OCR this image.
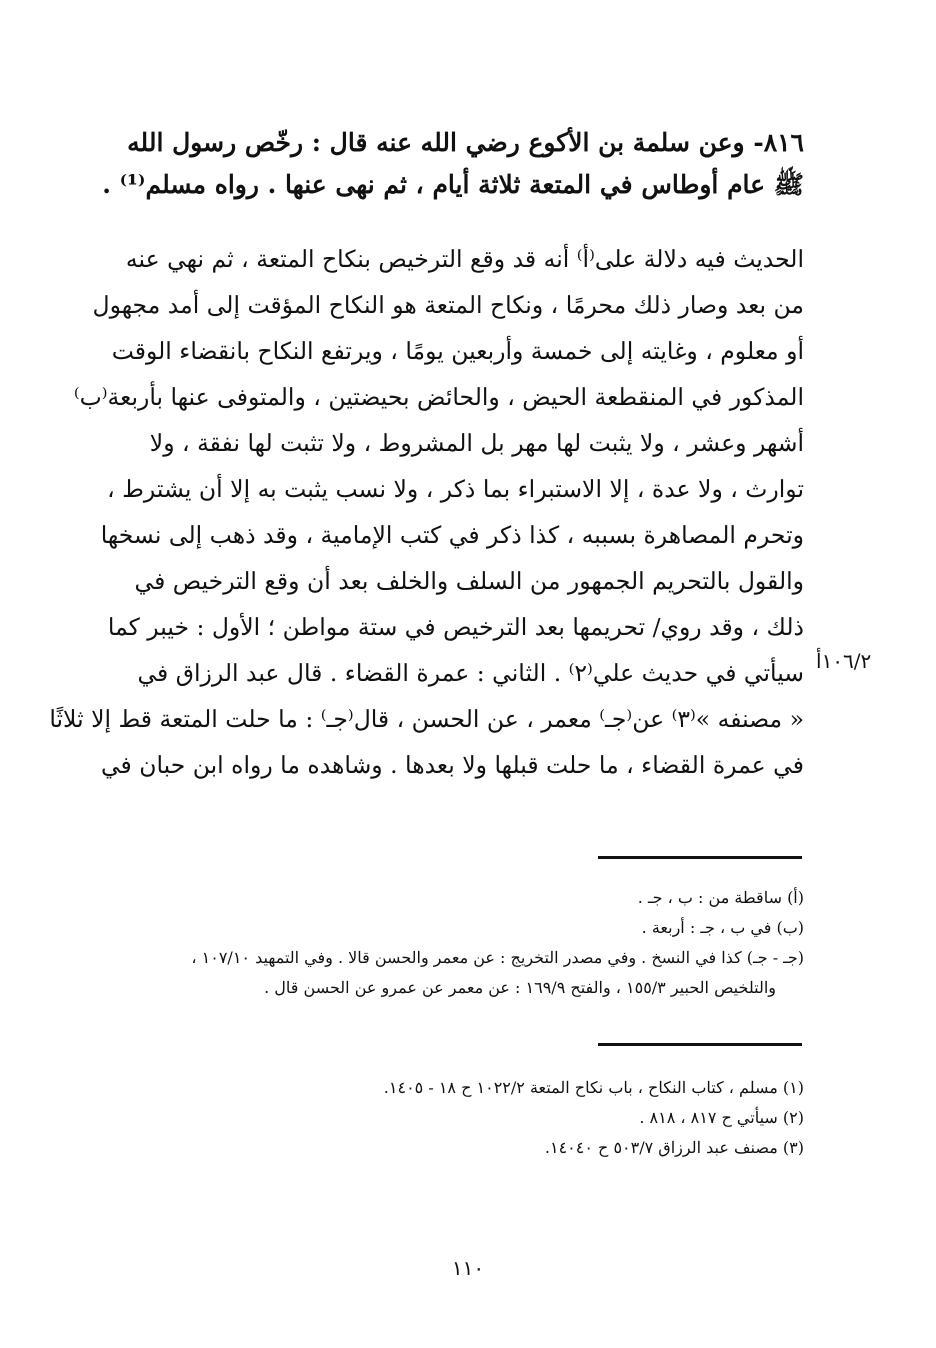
٨١٦- وعن سلمة بن الأكوع رضي الله عنه قال : رخّص رسول الله
ﷺ عام أوطاس في المتعة ثلاثة أيام ، ثم نهى عنها . رواه مسلم⁽¹⁾ .
الحديث فيه دلالة على⁽أ⁾ أنه قد وقع الترخيص بنكاح المتعة ، ثم نهي عنه
من بعد وصار ذلك محرمًا ، ونكاح المتعة هو النكاح المؤقت إلى أمد مجهول
أو معلوم ، وغايته إلى خمسة وأربعين يومًا ، ويرتفع النكاح بانقضاء الوقت
المذكور في المنقطعة الحيض ، والحائض بحيضتين ، والمتوفى عنها بأربعة⁽ب⁾
أشهر وعشر ، ولا يثبت لها مهر بل المشروط ، ولا تثبت لها نفقة ، ولا
توارث ، ولا عدة ، إلا الاستبراء بما ذكر ، ولا نسب يثبت به إلا أن يشترط ،
وتحرم المصاهرة بسببه ، كذا ذكر في كتب الإمامية ، وقد ذهب إلى نسخها
والقول بالتحريم الجمهور من السلف والخلف بعد أن وقع الترخيص في
ذلك ، وقد روي/ تحريمها بعد الترخيص في ستة مواطن ؛ الأول : خيبر كما
سيأتي في حديث علي⁽٢⁾ . الثاني : عمرة القضاء . قال عبد الرزاق في
« مصنفه »⁽٣⁾ عن⁽جـ⁾ معمر ، عن الحسن ، قال⁽جـ⁾ : ما حلت المتعة قط إلا ثلاثًا
في عمرة القضاء ، ما حلت قبلها ولا بعدها . وشاهده ما رواه ابن حبان في
١٠٦/٢أ
(أ) ساقطة من : ب ، جـ .
(ب) في ب ، جـ : أربعة .
(جـ - جـ) كذا في النسخ . وفي مصدر التخريج : عن معمر والحسن قالا . وفي التمهيد ١٠٧/١٠ ،
والتلخيص الحبير ١٥٥/٣ ، والفتح ١٦٩/٩ : عن معمر عن عمرو عن الحسن قال .
(١) مسلم ، كتاب النكاح ، باب نكاح المتعة ١٠٢٢/٢ ح ١٨ - ١٤٠٥.
(٢) سيأتي ح ٨١٧ ، ٨١٨ .
(٣) مصنف عبد الرزاق ٥٠٣/٧ ح ١٤٠٤٠.
١١٠
